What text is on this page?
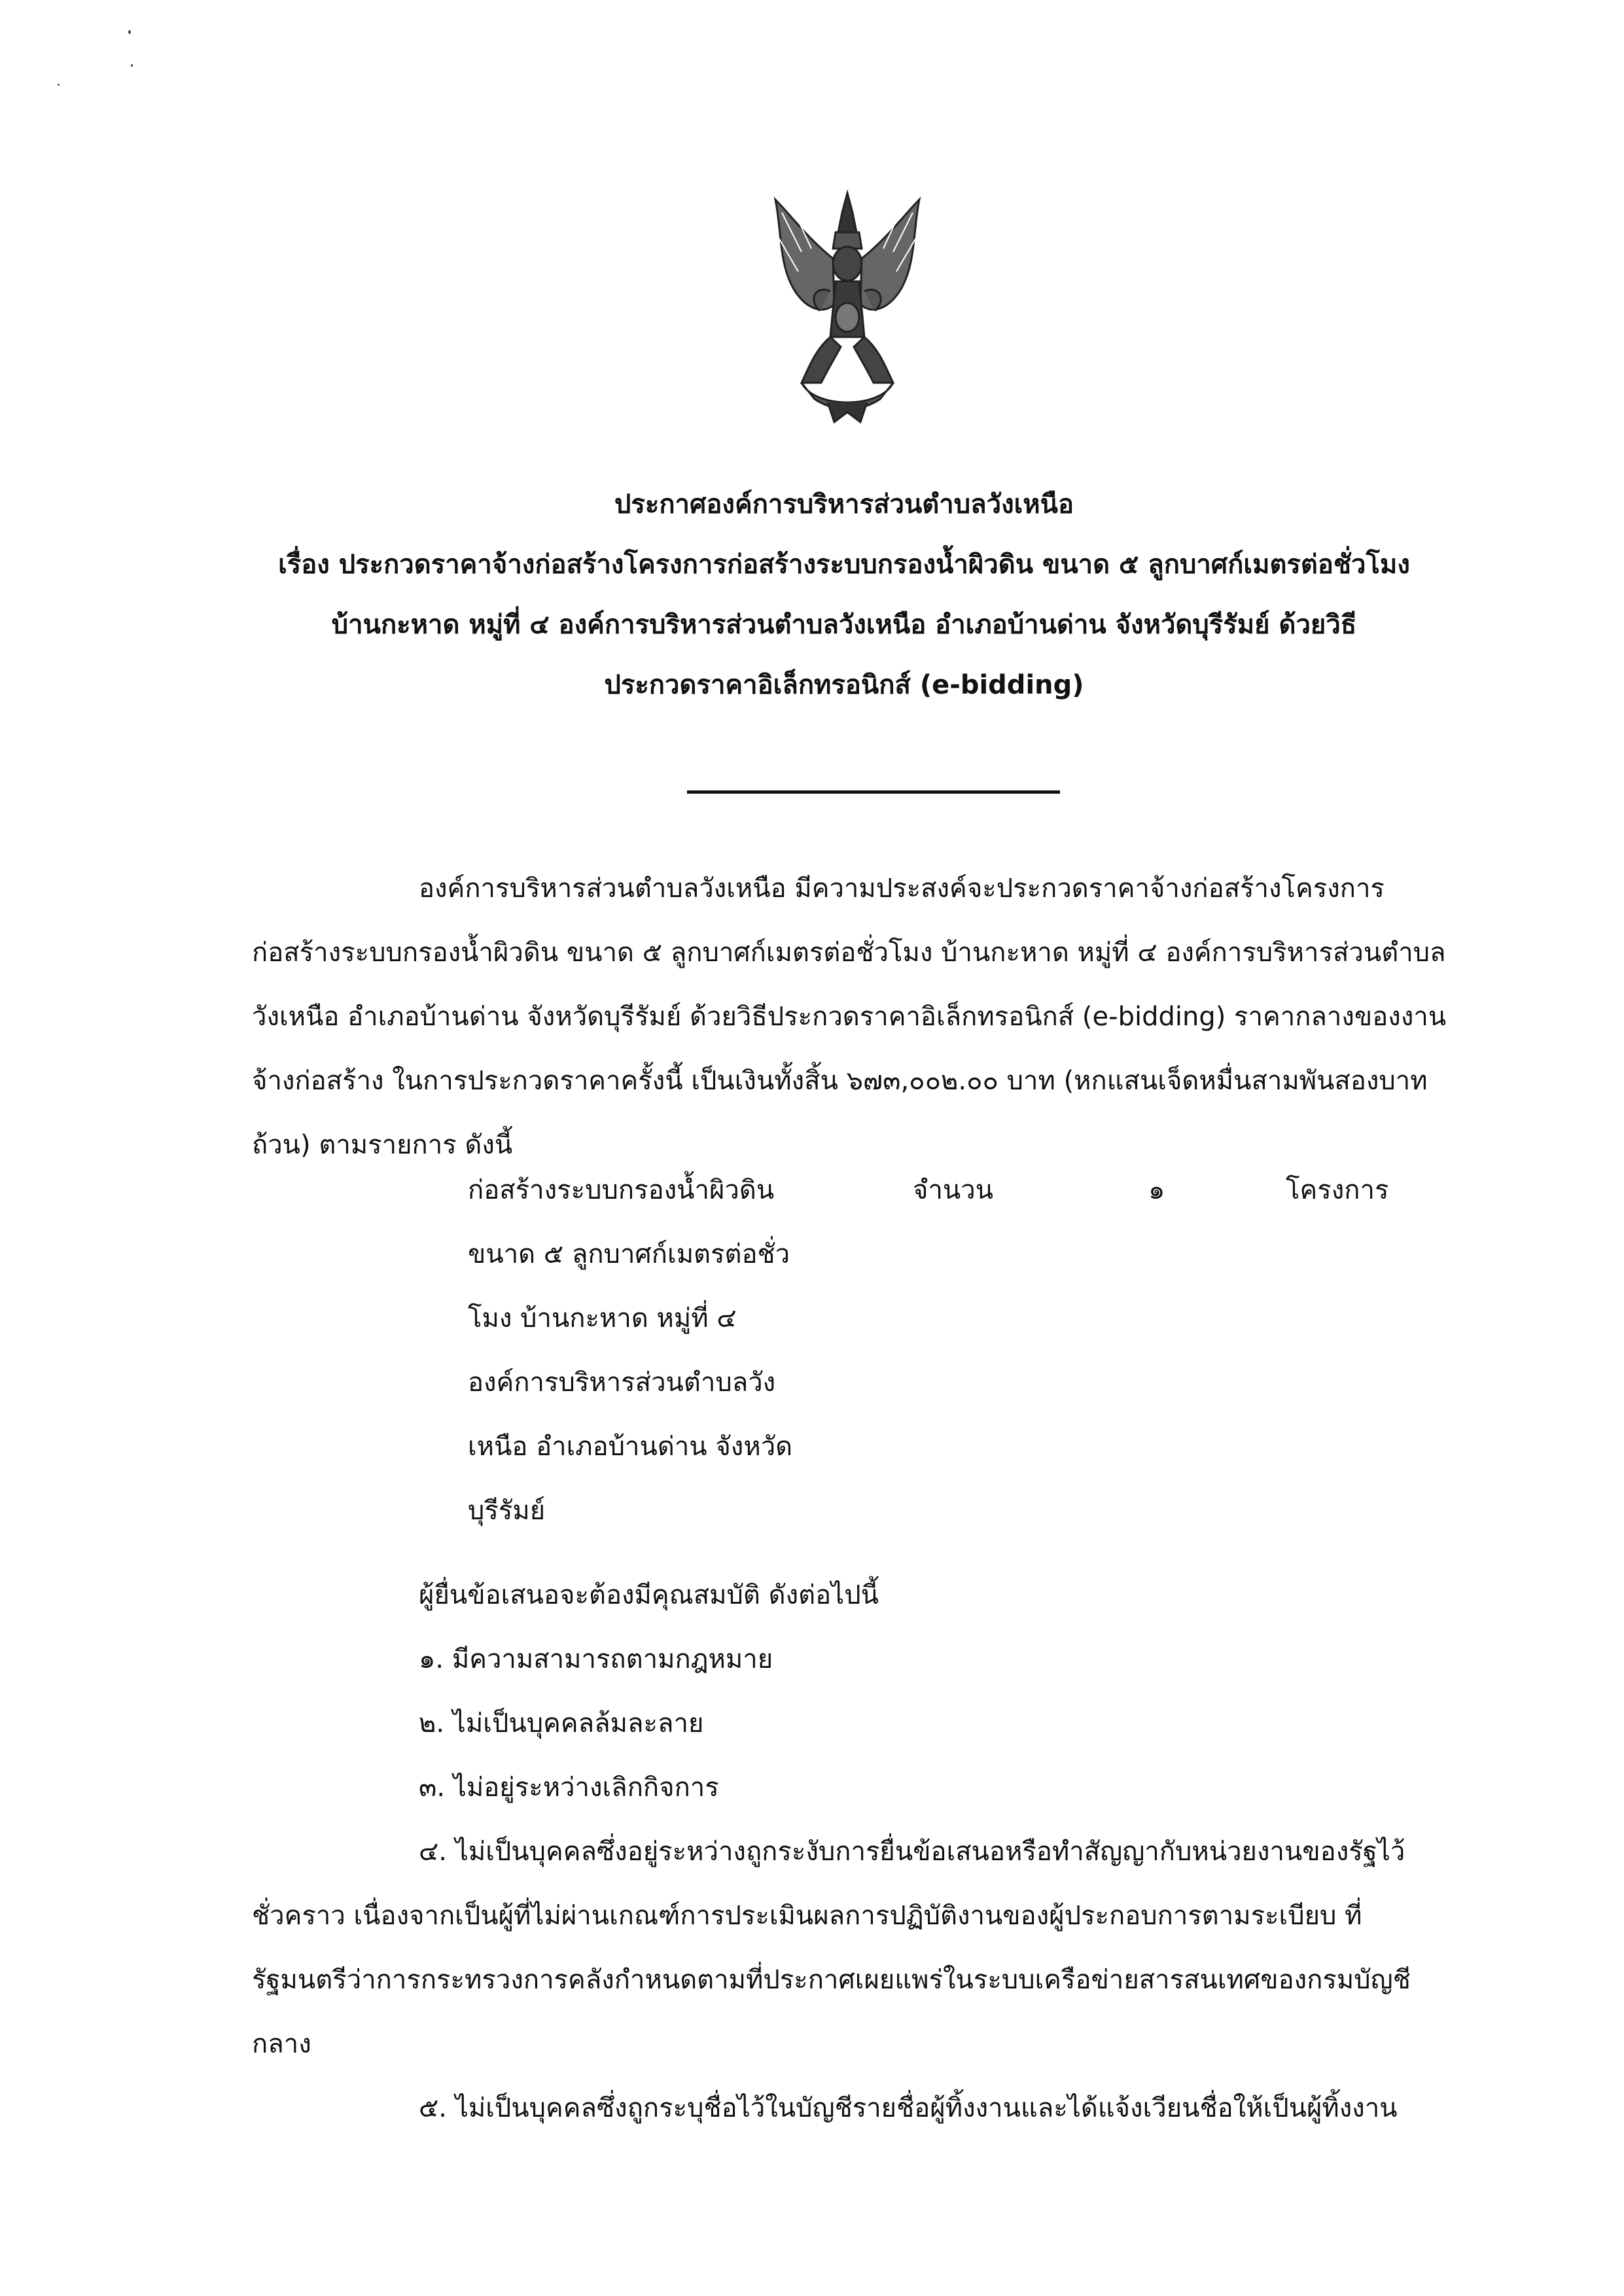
ประกาศองค์การบริหารส่วนตำบลวังเหนือ
เรื่อง ประกวดราคาจ้างก่อสร้างโครงการก่อสร้างระบบกรองน้ำผิวดิน ขนาด ๕ ลูกบาศก์เมตรต่อชั่วโมง
บ้านกะหาด หมู่ที่ ๔ องค์การบริหารส่วนตำบลวังเหนือ อำเภอบ้านด่าน จังหวัดบุรีรัมย์ ด้วยวิธี
ประกวดราคาอิเล็กทรอนิกส์ (e-bidding)
องค์การบริหารส่วนตำบลวังเหนือ มีความประสงค์จะประกวดราคาจ้างก่อสร้างโครงการ
ก่อสร้างระบบกรองน้ำผิวดิน ขนาด ๕ ลูกบาศก์เมตรต่อชั่วโมง บ้านกะหาด หมู่ที่ ๔ องค์การบริหารส่วนตำบล
วังเหนือ อำเภอบ้านด่าน จังหวัดบุรีรัมย์ ด้วยวิธีประกวดราคาอิเล็กทรอนิกส์ (e-bidding) ราคากลางของงาน
จ้างก่อสร้าง ในการประกวดราคาครั้งนี้ เป็นเงินทั้งสิ้น ๖๗๓,๐๐๒.๐๐ บาท (หกแสนเจ็ดหมื่นสามพันสองบาท
ถ้วน) ตามรายการ ดังนี้
ก่อสร้างระบบกรองน้ำผิวดิน
ขนาด ๕ ลูกบาศก์เมตรต่อชั่ว
โมง บ้านกะหาด หมู่ที่ ๔
องค์การบริหารส่วนตำบลวัง
เหนือ อำเภอบ้านด่าน จังหวัด
บุรีรัมย์
จำนวน	๑	โครงการ
ผู้ยื่นข้อเสนอจะต้องมีคุณสมบัติ ดังต่อไปนี้
๑. มีความสามารถตามกฎหมาย
๒. ไม่เป็นบุคคลล้มละลาย
๓. ไม่อยู่ระหว่างเลิกกิจการ
๔. ไม่เป็นบุคคลซึ่งอยู่ระหว่างถูกระงับการยื่นข้อเสนอหรือทำสัญญากับหน่วยงานของรัฐไว้
ชั่วคราว เนื่องจากเป็นผู้ที่ไม่ผ่านเกณฑ์การประเมินผลการปฏิบัติงานของผู้ประกอบการตามระเบียบ ที่
รัฐมนตรีว่าการกระทรวงการคลังกำหนดตามที่ประกาศเผยแพร่ในระบบเครือข่ายสารสนเทศของกรมบัญชี
กลาง
๕. ไม่เป็นบุคคลซึ่งถูกระบุชื่อไว้ในบัญชีรายชื่อผู้ทิ้งงานและได้แจ้งเวียนชื่อให้เป็นผู้ทิ้งงาน
